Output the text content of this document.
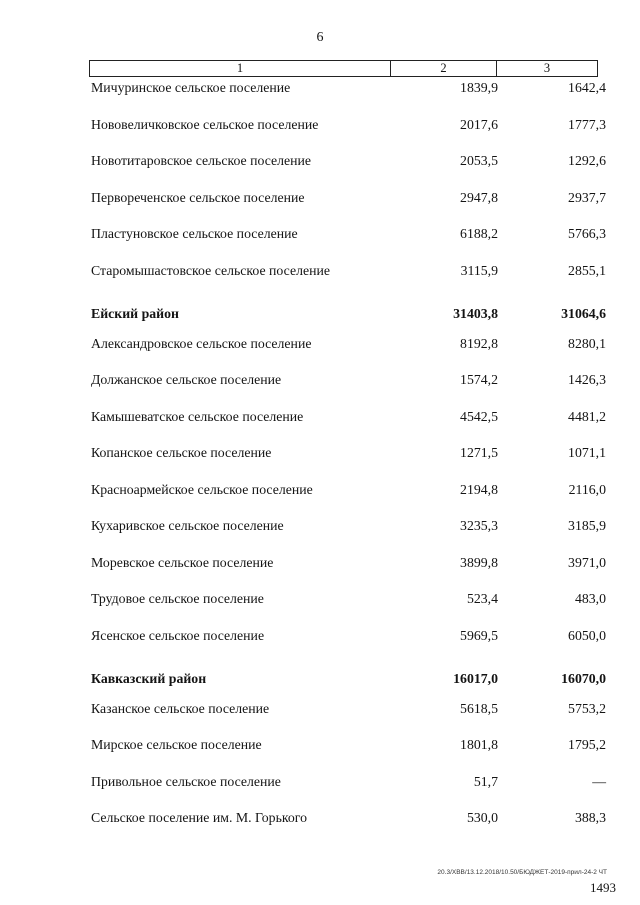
6
1	2	3
Мичуринское сельское поселение	1839,9	1642,4
Нововеличковское сельское поселение	2017,6	1777,3
Новотитаровское сельское поселение	2053,5	1292,6
Первореченское сельское поселение	2947,8	2937,7
Пластуновское сельское поселение	6188,2	5766,3
Старомышастовское сельское поселение	3115,9	2855,1
Ейский район	31403,8	31064,6
Александровское сельское поселение	8192,8	8280,1
Должанское сельское поселение	1574,2	1426,3
Камышеватское сельское поселение	4542,5	4481,2
Копанское сельское поселение	1271,5	1071,1
Красноармейское сельское поселение	2194,8	2116,0
Кухаривское сельское поселение	3235,3	3185,9
Моревское сельское поселение	3899,8	3971,0
Трудовое сельское поселение	523,4	483,0
Ясенское сельское поселение	5969,5	6050,0
Кавказский район	16017,0	16070,0
Казанское сельское поселение	5618,5	5753,2
Мирское сельское поселение	1801,8	1795,2
Привольное сельское поселение	51,7	—
Сельское поселение им. М. Горького	530,0	388,3
20.3/XBB/13.12.2018/10.50/БЮДЖЕТ-2019-прил-24-2 ЧТ
1493
